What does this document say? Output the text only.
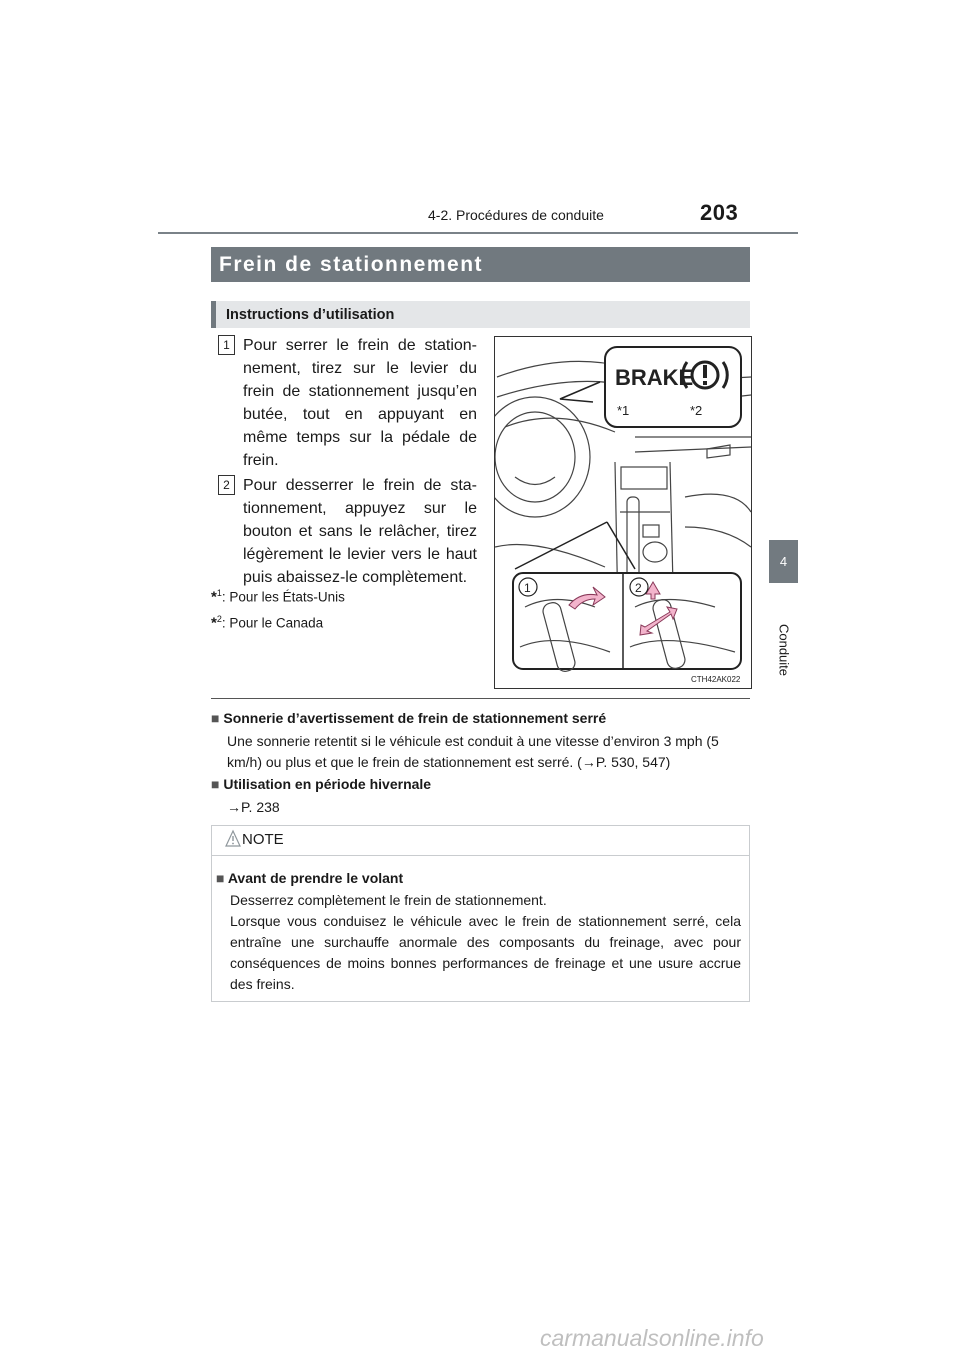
203
4-2. Procédures de conduite
4
Conduite
Frein de stationnement
Instructions d’utilisation
1 Pour serrer le frein de station-nement, tirez sur le levier du frein de stationnement jusqu’en butée, tout en appuyant en même temps sur la pédale de frein.
2 Pour desserrer le frein de sta-tionnement, appuyez sur le bouton et sans le relâcher, tirez légèrement le levier vers le haut puis abaissez-le complètement.
*$^1$: Pour les États-Unis
*$^2$: Pour le Canada
BRAKE
*1	*2
1	2
CTH42AK022
■ Sonnerie d’avertissement de frein de stationnement serré
Une sonnerie retentit si le véhicule est conduit à une vitesse d’environ 3 mph (5 km/h) ou plus et que le frein de stationnement est serré. (→P. 530, 547)
■ Utilisation en période hivernale
→P. 238
NOTE
■ Avant de prendre le volant
Desserrez complètement le frein de stationnement.
Lorsque vous conduisez le véhicule avec le frein de stationnement serré, cela entraîne une surchauffe anormale des composants du freinage, avec pour conséquences de moins bonnes performances de freinage et une usure accrue des freins.
carmanualsonline.info
